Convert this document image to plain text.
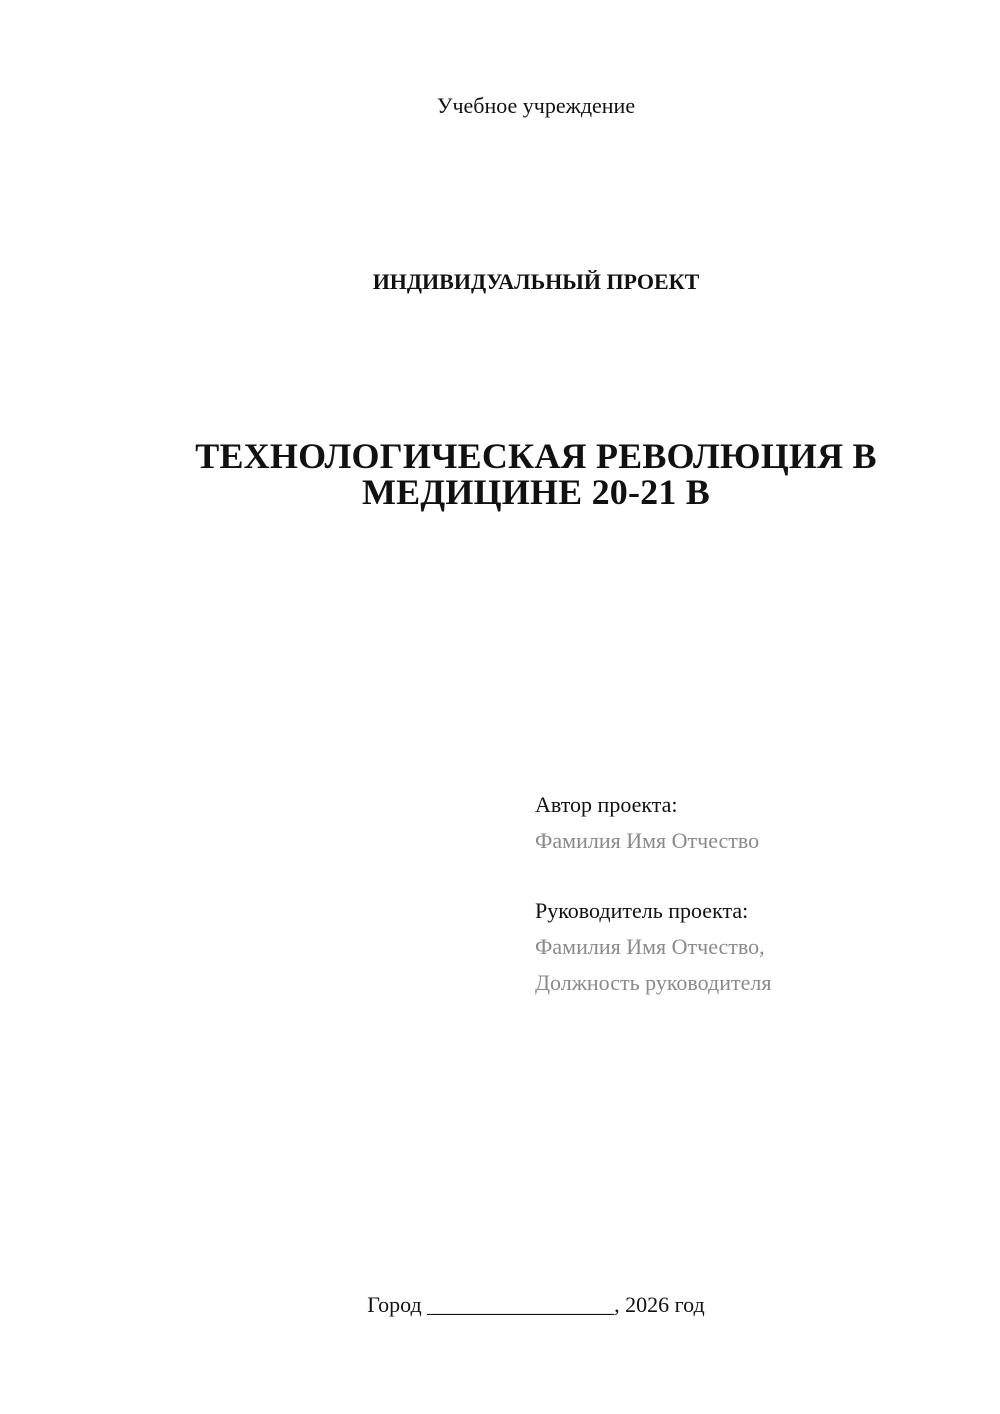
Учебное учреждение
ИНДИВИДУАЛЬНЫЙ ПРОЕКТ
ТЕХНОЛОГИЧЕСКАЯ РЕВОЛЮЦИЯ В
МЕДИЦИНЕ 20-21 В
Автор проекта:
Фамилия Имя Отчество
Руководитель проекта:
Фамилия Имя Отчество,
Должность руководителя
Город _________________, 2026 год
